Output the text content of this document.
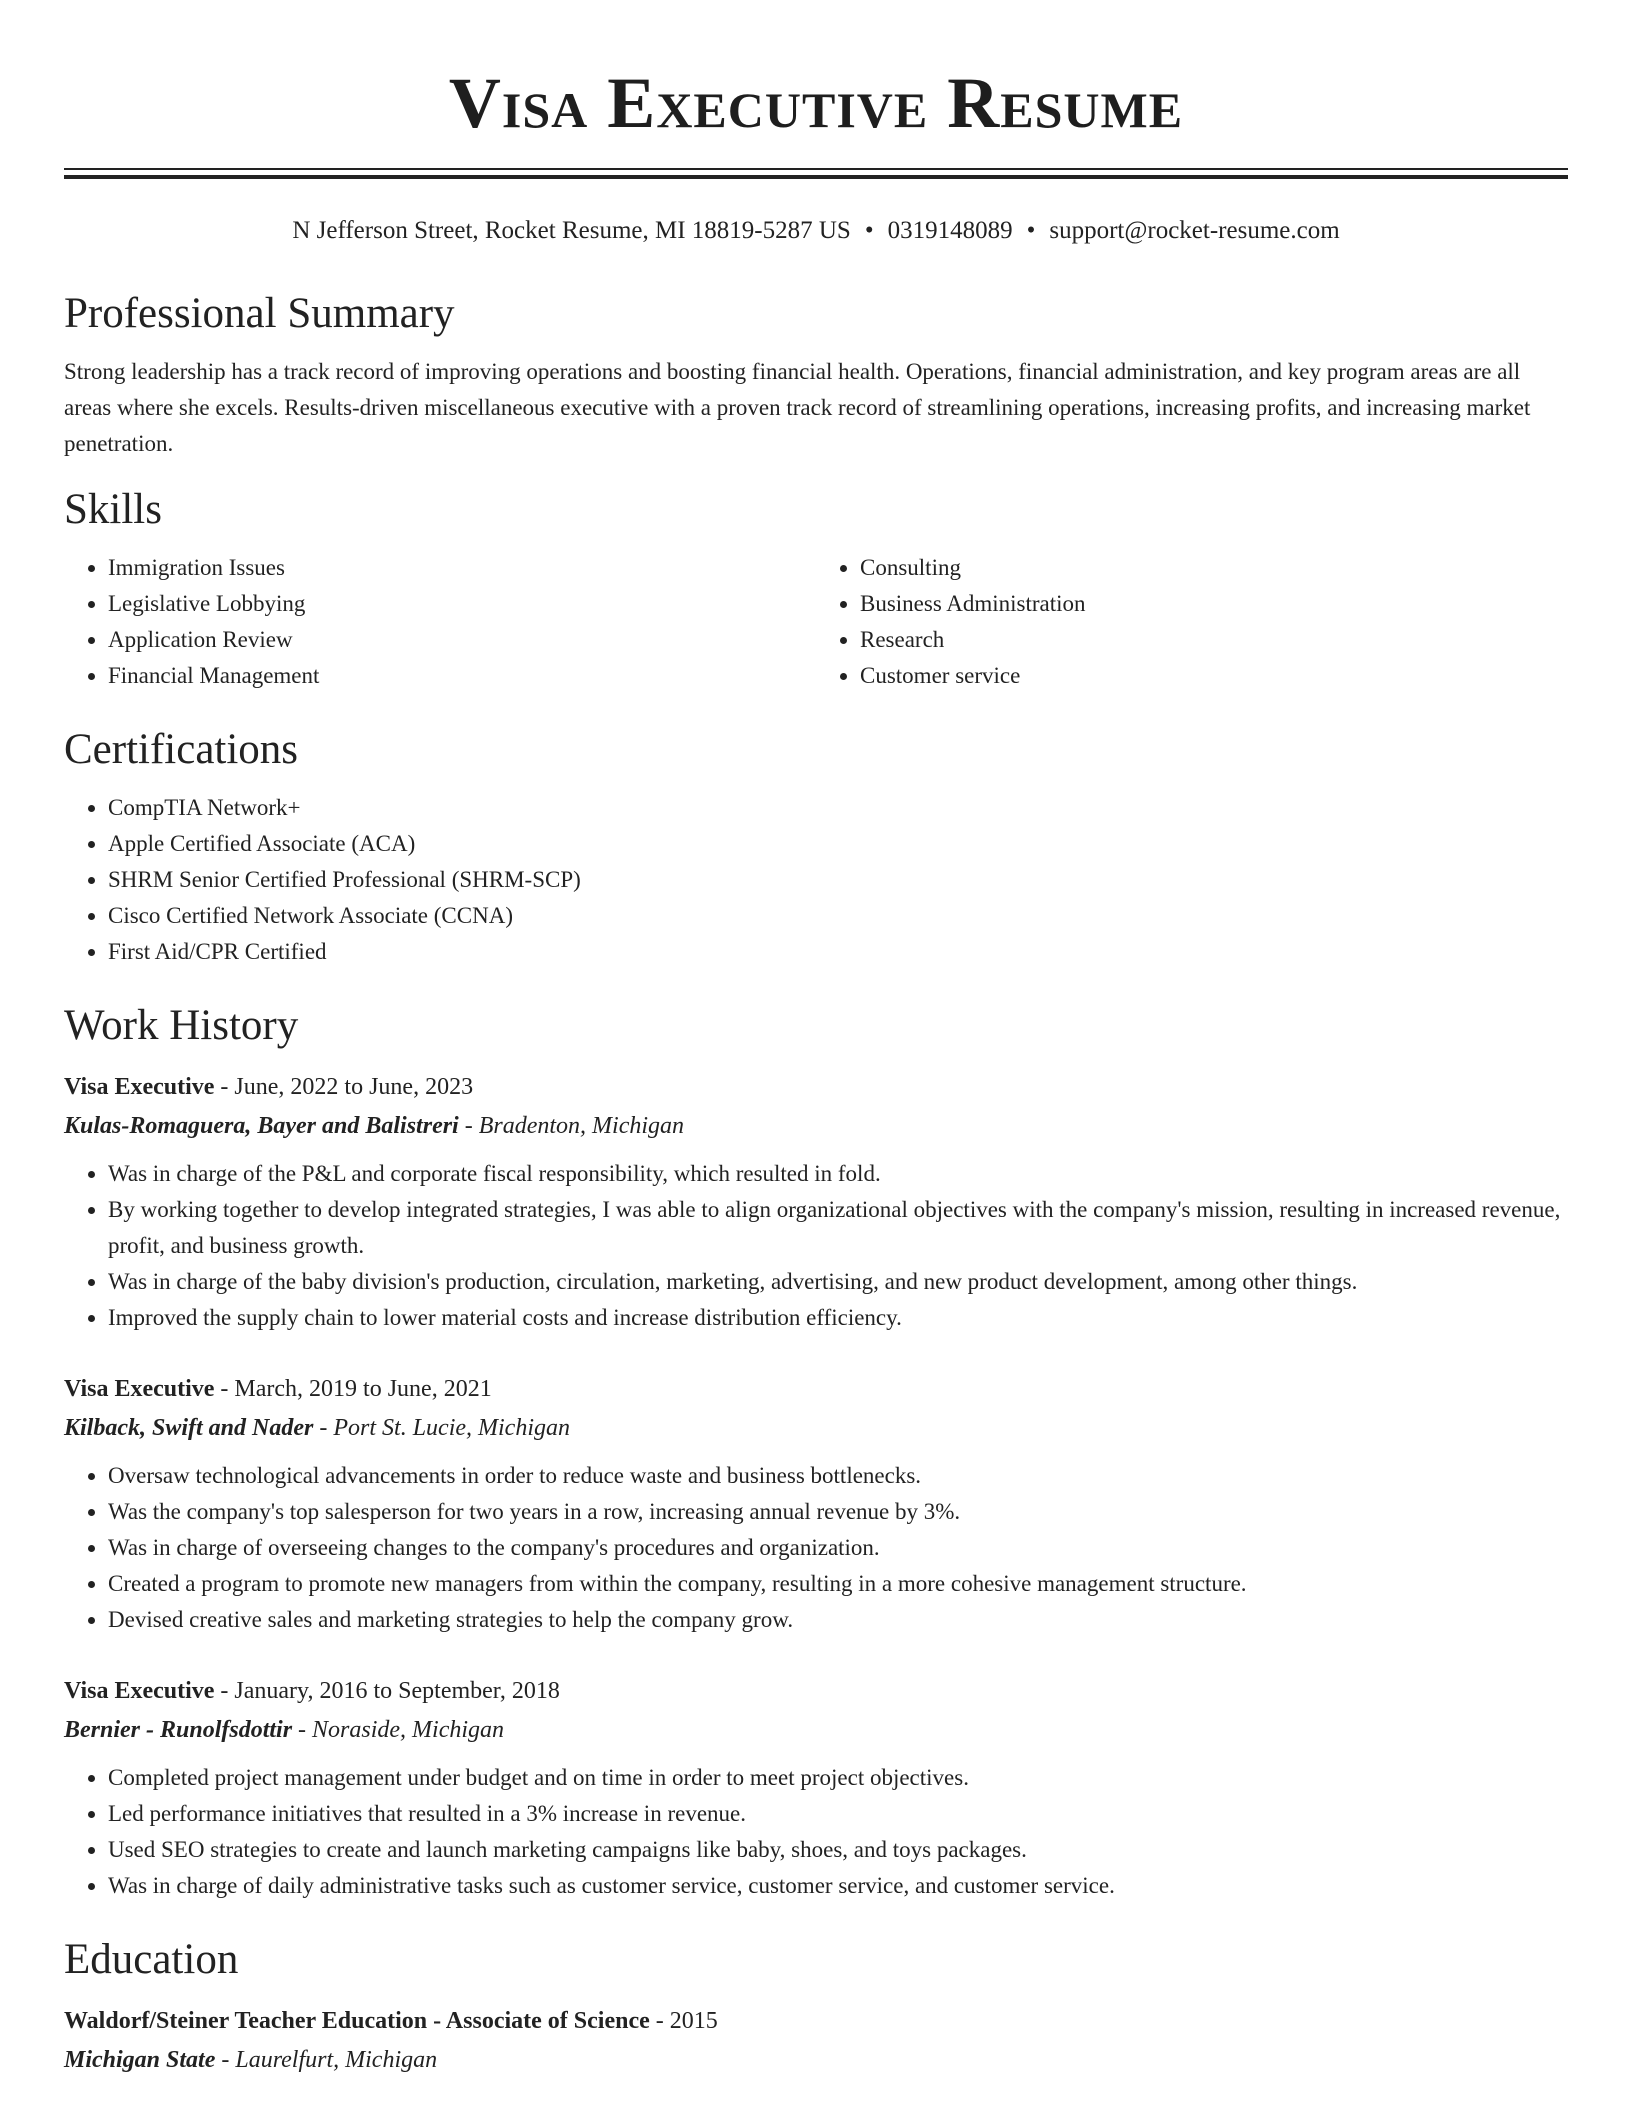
Visa Executive Resume
N Jefferson Street, Rocket Resume, MI 18819-5287 US • 0319148089 • support@rocket-resume.com
Professional Summary

Strong leadership has a track record of improving operations and boosting financial health. Operations, financial administration, and key program areas are all areas where she excels. Results-driven miscellaneous executive with a proven track record of streamlining operations, increasing profits, and increasing market penetration.

Skills
• Immigration Issues
• Legislative Lobbying
• Application Review
• Financial Management
• Consulting
• Business Administration
• Research
• Customer service
Certifications
• CompTIA Network+
• Apple Certified Associate (ACA)
• SHRM Senior Certified Professional (SHRM-SCP)
• Cisco Certified Network Associate (CCNA)
• First Aid/CPR Certified
Work History
Visa Executive - June, 2022 to June, 2023
Kulas-Romaguera, Bayer and Balistreri - Bradenton, Michigan
• Was in charge of the P&L and corporate fiscal responsibility, which resulted in fold.
• By working together to develop integrated strategies, I was able to align organizational objectives with the company's mission, resulting in increased revenue, profit, and business growth.
• Was in charge of the baby division's production, circulation, marketing, advertising, and new product development, among other things.
• Improved the supply chain to lower material costs and increase distribution efficiency.
Visa Executive - March, 2019 to June, 2021
Kilback, Swift and Nader - Port St. Lucie, Michigan
• Oversaw technological advancements in order to reduce waste and business bottlenecks.
• Was the company's top salesperson for two years in a row, increasing annual revenue by 3%.
• Was in charge of overseeing changes to the company's procedures and organization.
• Created a program to promote new managers from within the company, resulting in a more cohesive management structure.
• Devised creative sales and marketing strategies to help the company grow.
Visa Executive - January, 2016 to September, 2018
Bernier - Runolfsdottir - Noraside, Michigan
• Completed project management under budget and on time in order to meet project objectives.
• Led performance initiatives that resulted in a 3% increase in revenue.
• Used SEO strategies to create and launch marketing campaigns like baby, shoes, and toys packages.
• Was in charge of daily administrative tasks such as customer service, customer service, and customer service.
Education
Waldorf/Steiner Teacher Education - Associate of Science - 2015
Michigan State - Laurelfurt, Michigan
